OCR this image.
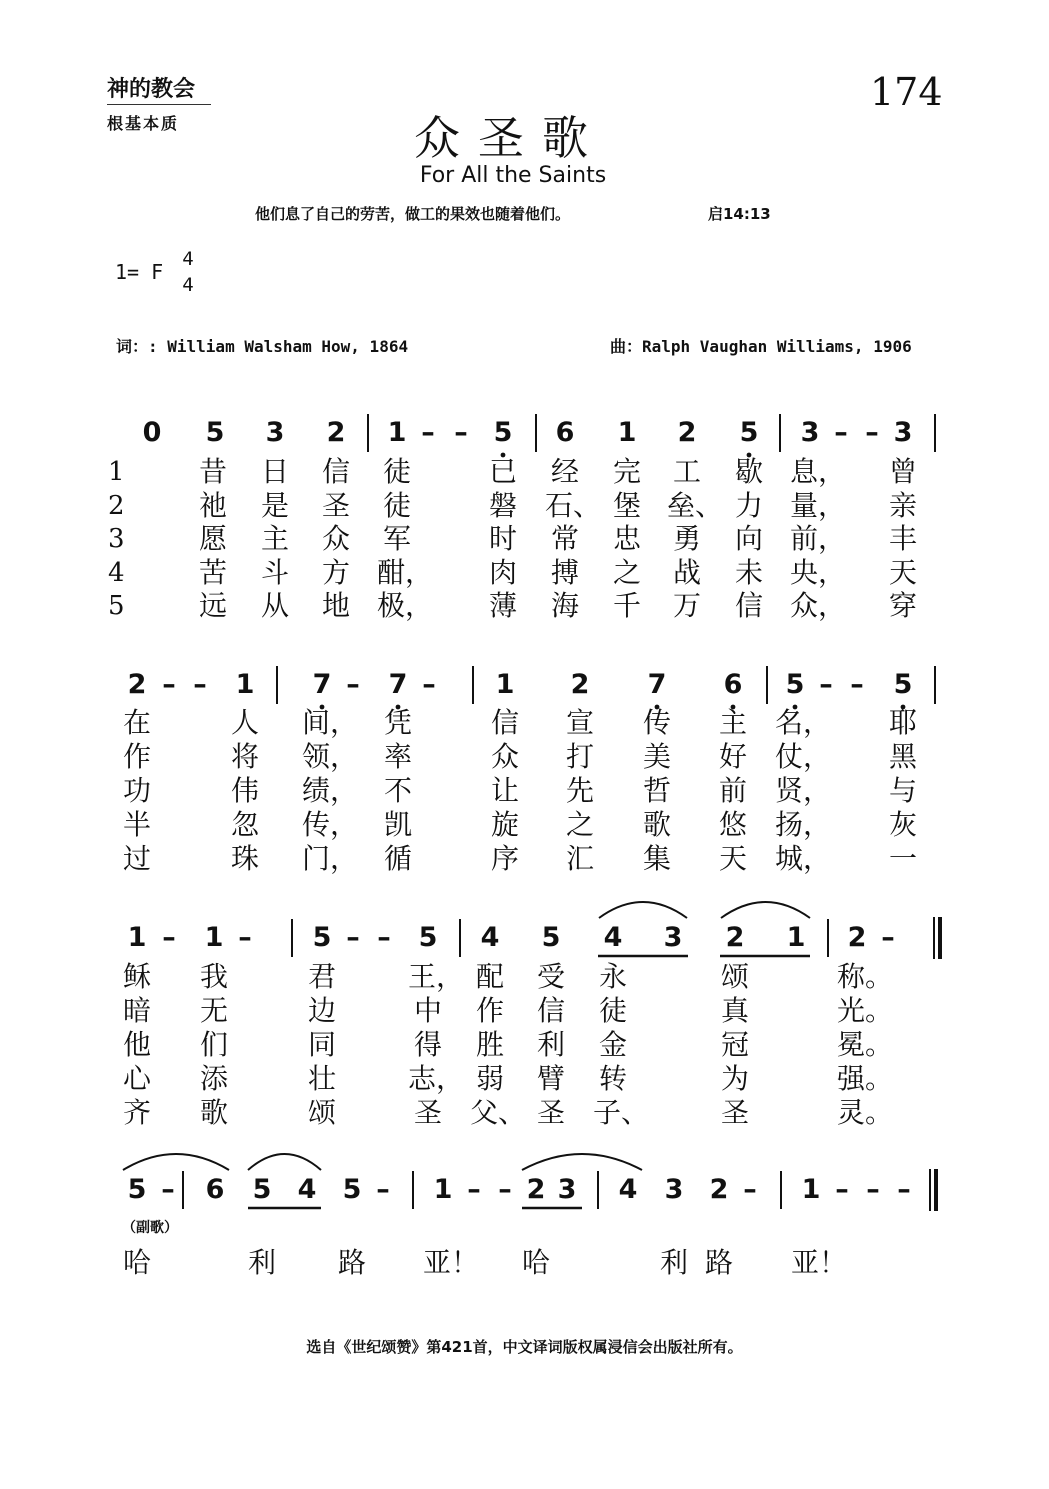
神的教会
根基本质
174
众圣歌
For All the Saints
他们息了自己的劳苦，做工的果效也随着他们。	启14:13
1= F
4
4
词：: William Walsham How, 1864	曲：Ralph Vaughan Williams, 1906
0	5	3	2	1 – – 5	6	1	2	5	3 – – 3
1	昔 日 信 徒	已 经 完 工 歇 息，	曾
2	祂 是 圣 徒	磐 石、 堡 垒、 力 量，	亲
3	愿 主 众 军	时 常 忠 勇 向 前，	丰
4	苦 斗 方 酣，	肉 搏 之 战 未 央，	天
5	远 从 地 极，	薄 海 千 万 信 众，	穿
2 – –	1	7 –	7 –	1	2	7	6	5 – –	5
在	人 间， 凭	信 宣 传 主 名，	耶
作	将 领， 率	众 打 美 好 仗，	黑
功	伟 绩， 不	让 先 哲 前 贤，	与
半	忽 传， 凯	旋 之 歌 悠 扬，	灰
过	珠 门， 循	序 汇 集 天 城，	一
1 –	1 –	5 – –	5	4	5	4	3	2	1	2 –
稣 我	君	王， 配 受 永	颂	称。
暗 无	边	中 作 信 徒	真	光。
他 们	同	得 胜 利 金	冠	冕。
心 添	壮	志， 弱 臂 转	为	强。
齐 歌	颂	圣 父、 圣 子、	圣	灵。
5 –	6	5 4 5 –	1 – – 2 3	4	3 2 –	1 – – –
哈	利 路 亚！	哈	利 路 亚！
（副歌）
选自《世纪颂赞》第421首，中文译词版权属浸信会出版社所有。
